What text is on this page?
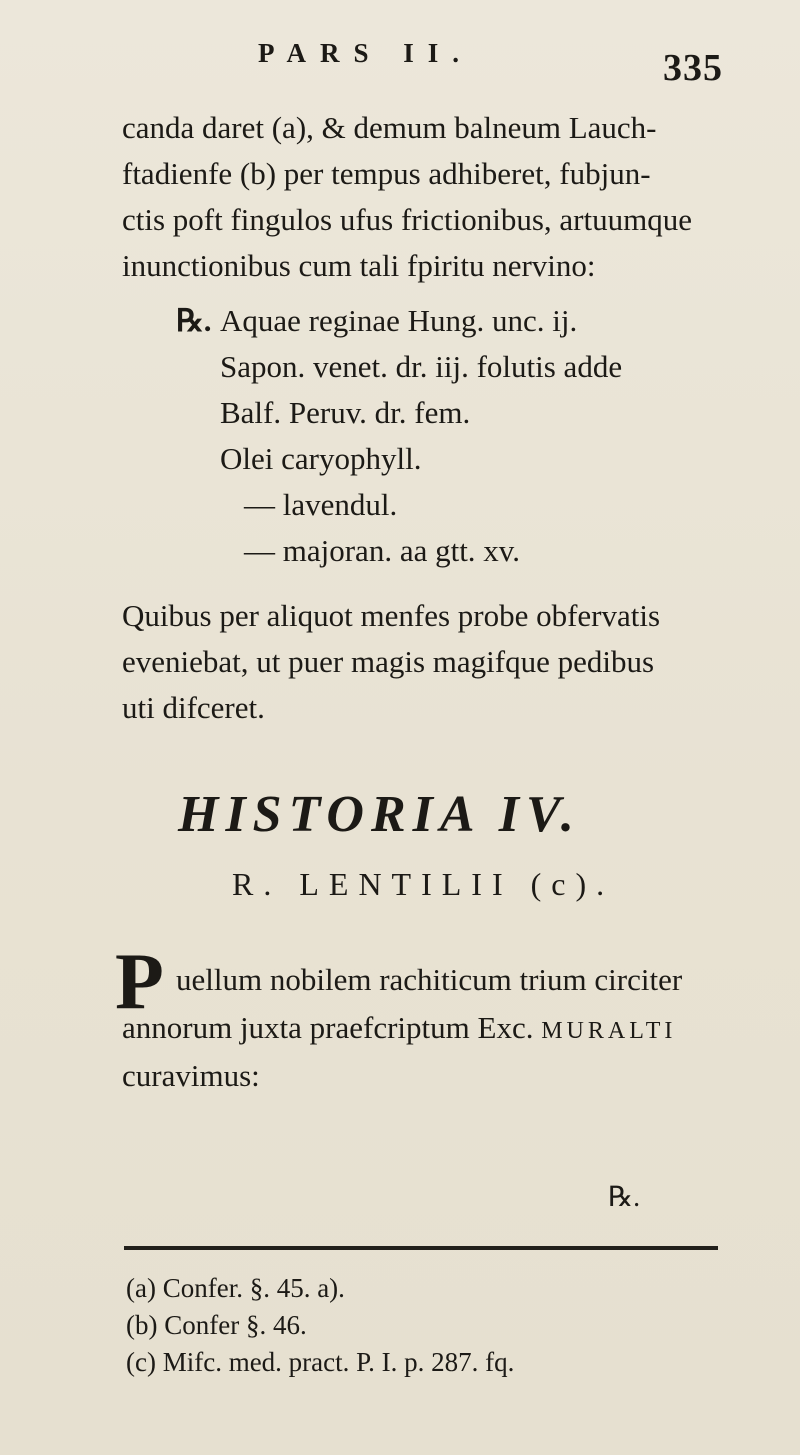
PARS II.	335
canda daret (a), & demum balneum Lauch-
ftadienfe (b) per tempus adhiberet, fubjun-
ctis poft fingulos ufus frictionibus, artuumque
inunctionibus cum tali fpiritu nervino:
℞. Aquae reginae Hung. unc. ij.
Sapon. venet. dr. iij. folutis adde
Balf. Peruv. dr. fem.
Olei caryophyll.
— lavendul.
— majoran. aa gtt. xv.
Quibus per aliquot menfes probe obfervatis
eveniebat, ut puer magis magifque pedibus
uti difceret.
HISTORIA IV.
R. LENTILII (c).
P uellum nobilem rachiticum trium circiter
annorum juxta praefcriptum Exc. MURALTI
curavimus:
℞.
(a) Confer. §. 45. a).
(b) Confer §. 46.
(c) Mifc. med. pract. P. I. p. 287. fq.
